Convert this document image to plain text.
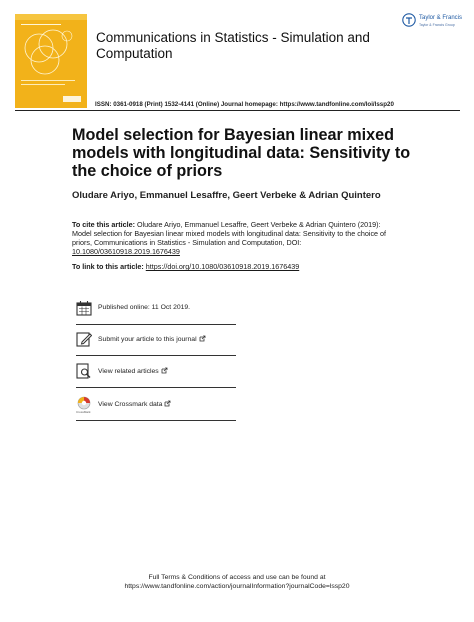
Communications in Statistics - Simulation and Computation
Taylor & Francis
Taylor & Francis Group
ISSN: 0361-0918 (Print) 1532-4141 (Online) Journal homepage: https://www.tandfonline.com/loi/lssp20
Model selection for Bayesian linear mixed models with longitudinal data: Sensitivity to the choice of priors
Oludare Ariyo, Emmanuel Lesaffre, Geert Verbeke & Adrian Quintero
To cite this article: Oludare Ariyo, Emmanuel Lesaffre, Geert Verbeke & Adrian Quintero (2019): Model selection for Bayesian linear mixed models with longitudinal data: Sensitivity to the choice of priors, Communications in Statistics - Simulation and Computation, DOI: 10.1080/03610918.2019.1676439
To link to this article: https://doi.org/10.1080/03610918.2019.1676439
Published online: 11 Oct 2019.
Submit your article to this journal
View related articles
CrossMark
View Crossmark data
Full Terms & Conditions of access and use can be found at
https://www.tandfonline.com/action/journalInformation?journalCode=lssp20
